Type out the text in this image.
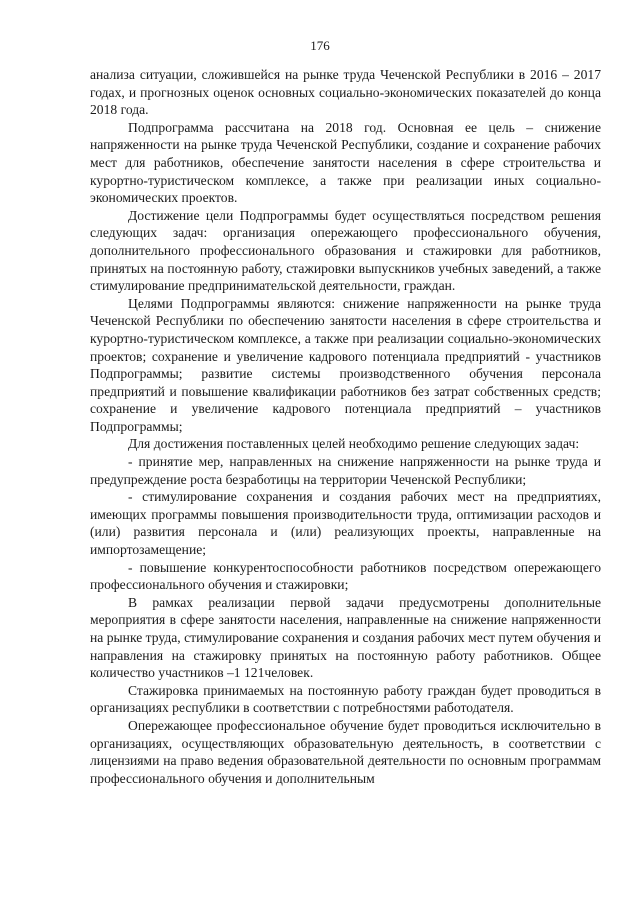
176

анализа ситуации, сложившейся на рынке труда Чеченской Республики в 2016 – 2017 годах, и прогнозных оценок основных социально-экономических показателей до конца 2018 года.

Подпрограмма рассчитана на 2018 год. Основная ее цель – снижение напряженности на рынке труда Чеченской Республики, создание и сохранение рабочих мест для работников, обеспечение занятости населения в сфере строительства и курортно-туристическом комплексе, а также при реализации иных социально-экономических проектов.

Достижение цели Подпрограммы будет осуществляться посредством решения следующих задач: организация опережающего профессионального обучения, дополнительного профессионального образования и стажировки для работников, принятых на постоянную работу, стажировки выпускников учебных заведений, а также стимулирование предпринимательской деятельности, граждан.

Целями Подпрограммы являются: снижение напряженности на рынке труда Чеченской Республики по обеспечению занятости населения в сфере строительства и курортно-туристическом комплексе, а также при реализации социально-экономических проектов; сохранение и увеличение кадрового потенциала предприятий - участников Подпрограммы; развитие системы производственного обучения персонала предприятий и повышение квалификации работников без затрат собственных средств; сохранение и увеличение кадрового потенциала предприятий – участников Подпрограммы;

Для достижения поставленных целей необходимо решение следующих задач:

- принятие мер, направленных на снижение напряженности на рынке труда и предупреждение роста безработицы на территории Чеченской Республики;

- стимулирование сохранения и создания рабочих мест на предприятиях, имеющих программы повышения производительности труда, оптимизации расходов и (или) развития персонала и (или) реализующих проекты, направленные на импортозамещение;

- повышение конкурентоспособности работников посредством опережающего профессионального обучения и стажировки;

В рамках реализации первой задачи предусмотрены дополнительные мероприятия в сфере занятости населения, направленные на снижение напряженности на рынке труда, стимулирование сохранения и создания рабочих мест путем обучения и направления на стажировку принятых на постоянную работу работников. Общее количество участников –1 121человек.

Стажировка принимаемых на постоянную работу граждан будет проводиться в организациях республики в соответствии с потребностями работодателя.

Опережающее профессиональное обучение будет проводиться исключительно в организациях, осуществляющих образовательную деятельность, в соответствии с лицензиями на право ведения образовательной деятельности по основным программам профессионального обучения и дополнительным
